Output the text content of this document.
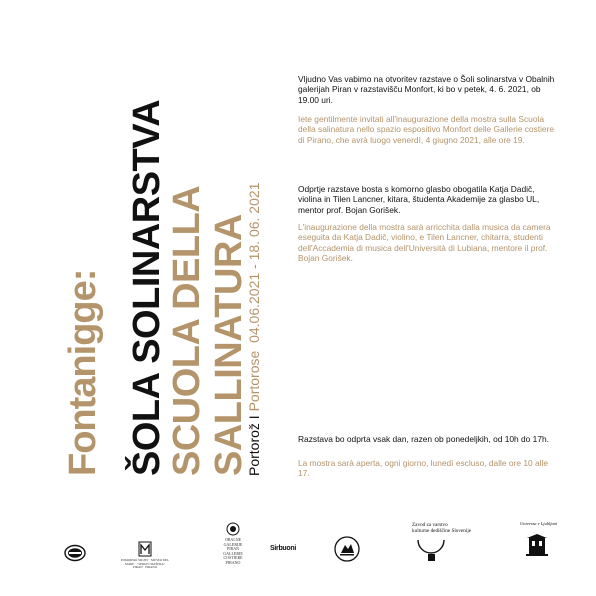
Fontanigge: ŠOLA SOLINARSTVA
SCUOLA DELLA SALLINATURA
Portorož I Portorose  04.06.2021 - 18. 06. 2021
Vljudno Vas vabimo na otvoritev razstave o Šoli solinarstva v Obalnih galerijah Piran v razstavišču Monfort, ki bo v petek, 4. 6. 2021, ob 19.00 uri.
Iete gentilmente invitati all'inaugurazione della mostra sulla Scuola della salinatura nello spazio espositivo Monfort delle Gallerie costiere di Pirano, che avrà luogo venerdì, 4 giugno 2021, alle ore 19.
Odprtje razstave bosta s komorno glasbo obogatila Katja Dadič, violina in Tilen Lancner, kitara, študenta Akademije za glasbo UL, mentor prof. Bojan Gorišek.
L'inaugurazione della mostra sarà arricchita dalla musica da camera eseguita da Katja Dadič, violino, e Tilen Lancner, chitarra, studenti dell'Accademia di musica dell'Università di Lubiana, mentore il prof. Bojan Gorišek.
Razstava bo odprta vsak dan, razen ob ponedeljkih, od 10h do 17h.
La mostra sarà aperta, ogni giorno, lunedì escluso, dalle ore 10 alle 17.
POMORSKI MUZEJ · MUSEO DEL MARE · "SERGEJ MAŠERA" PIRAN · PIRANO
OBALNE
GALERIJE
PIRAN
GALLERIE
COSTIERE
PIRANO
Sirbuoni
Zavod za varstvo
kulturne dediščine Slovenije
Univerza v Ljubljani
